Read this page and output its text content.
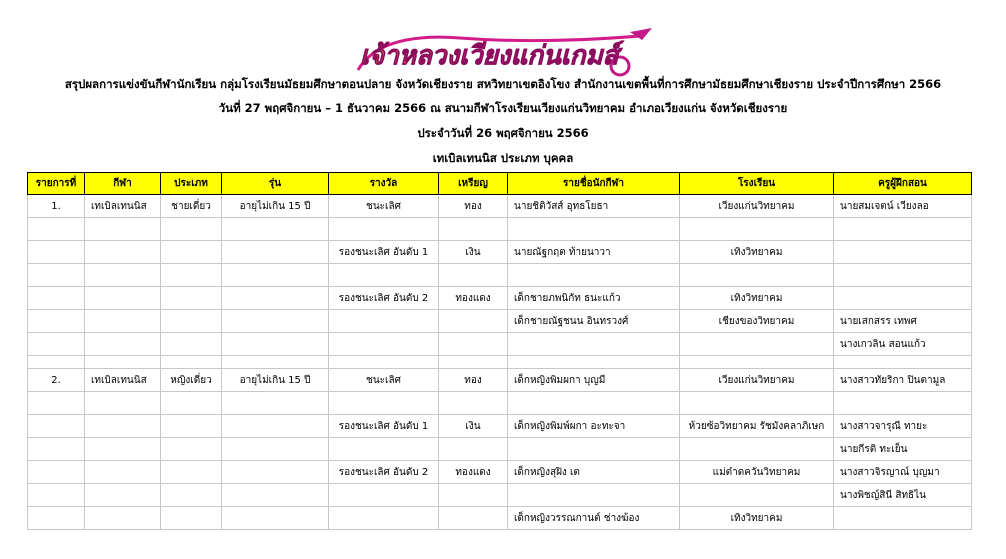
เจ้าหลวงเวียงแก่นเกมส์
สรุปผลการแข่งขันกีฬานักเรียน กลุ่มโรงเรียนมัธยมศึกษาตอนปลาย จังหวัดเชียงราย สหวิทยาเขตอิงโขง สำนักงานเขตพื้นที่การศึกษามัธยมศึกษาเชียงราย ประจำปีการศึกษา 2566
วันที่ 27 พฤศจิกายน – 1 ธันวาคม 2566 ณ สนามกีฬาโรงเรียนเวียงแก่นวิทยาคม อำเภอเวียงแก่น จังหวัดเชียงราย
ประจำวันที่ 26 พฤศจิกายน 2566
เทเบิลเทนนิส ประเภท บุคคล
รายการที่	กีฬา	ประเภท	รุ่น	รางวัล	เหรียญ	รายชื่อนักกีฬา	โรงเรียน	ครูผู้ฝึกสอน
1.	เทเบิลเทนนิส	ชายเดี่ยว	อายุไม่เกิน 15 ปี	ชนะเลิศ	ทอง	นายชิติวัสส์ อุทธโยธา	เวียงแก่นวิทยาคม	นายสมเจตน์ เวียงลอ

				รองชนะเลิศ อันดับ 1	เงิน	นายณัฐกฤต ท้ายนาวา	เทิงวิทยาคม	

				รองชนะเลิศ อันดับ 2	ทองแดง	เด็กชายภพนิกัท ธนะแก้ว	เทิงวิทยาคม	
						เด็กชายณัฐชนน อินทรวงศ์	เชียงของวิทยาคม	นายเสกสรร เทพศ
								นางเกวลิน สอนแก้ว

2.	เทเบิลเทนนิส	หญิงเดี่ยว	อายุไม่เกิน 15 ปี	ชนะเลิศ	ทอง	เด็กหญิงพิมผกา บุญมี	เวียงแก่นวิทยาคม	นางสาวทัยริกา ปินตามูล

				รองชนะเลิศ อันดับ 1	เงิน	เด็กหญิงพิมพ์ผกา อะทะจา	ห้วยซ้อวิทยาคม รัชมังคลาภิเษก	นางสาวจารุณี ทายะ
								นายกีรติ ทะเย็น
				รองชนะเลิศ อันดับ 2	ทองแดง	เด็กหญิงสุฝิง เต	แม่ต๋าดควันวิทยาคม	นางสาวจิรญาณ์ บุญมา
								นางพิชญ์สินี สิทธิไน
						เด็กหญิงวรรณกานต์ ช่างฆ้อง	เทิงวิทยาคม	
